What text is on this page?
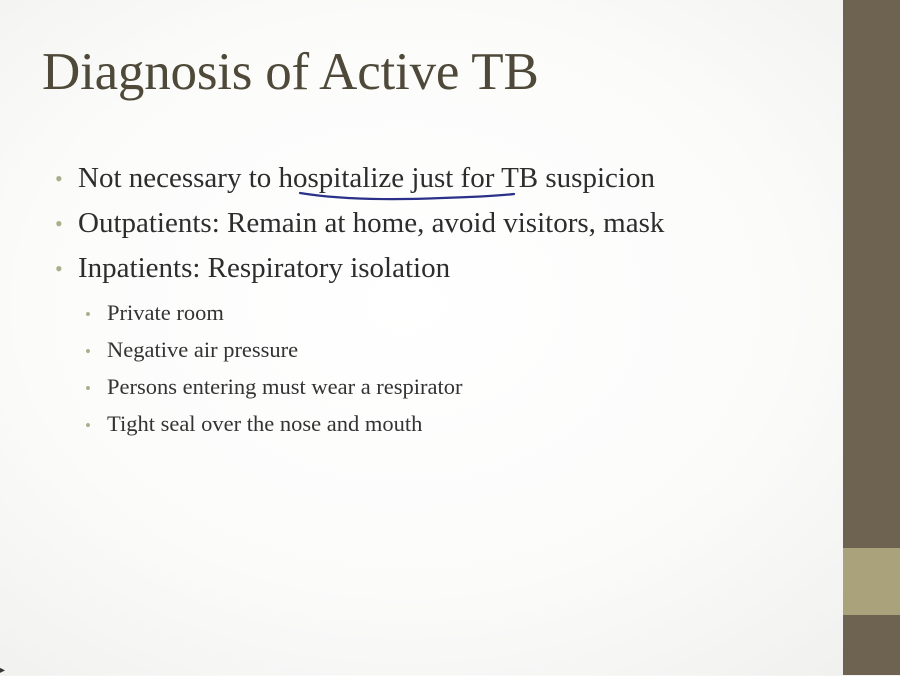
Diagnosis of Active TB
• Not necessary to hospitalize just for TB suspicion
• Outpatients: Remain at home, avoid visitors, mask
• Inpatients: Respiratory isolation
• Private room
• Negative air pressure
• Persons entering must wear a respirator
• Tight seal over the nose and mouth
▸
